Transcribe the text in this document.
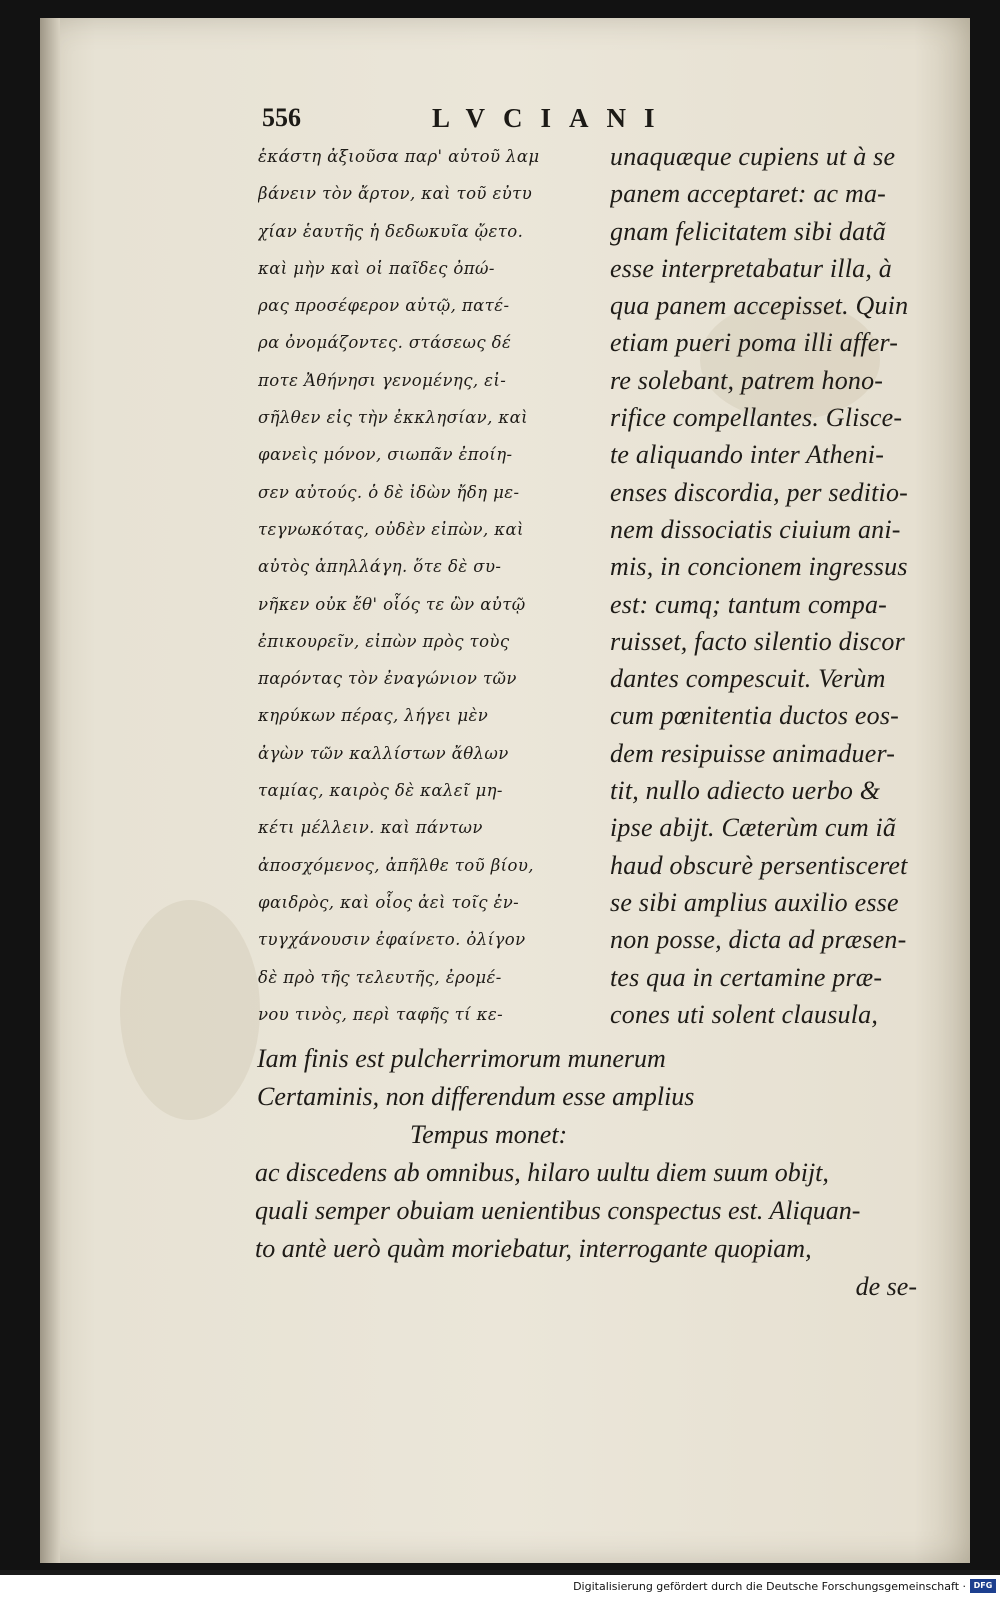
556	LVCIANI
ἑκάστη ἀξιοῦσα παρ' αὐτοῦ λαμ
βάνειν τὸν ἄρτον, καὶ τοῦ εὐτυ
χίαν ἑαυτῆς ἡ δεδωκυῖα ᾤετο.
καὶ μὴν καὶ οἱ παῖδες ὀπώ-
ρας προσέφερον αὐτῷ, πατέ-
ρα ὀνομάζοντες. στάσεως δέ
ποτε Ἀθήνησι γενομένης, εἰ-
σῆλθεν εἰς τὴν ἐκκλησίαν, καὶ
φανεὶς μόνον, σιωπᾶν ἐποίη-
σεν αὐτούς. ὁ δὲ ἰδὼν ἤδη με-
τεγνωκότας, οὐδὲν εἰπὼν, καὶ
αὐτὸς ἀπηλλάγη. ὅτε δὲ συ-
νῆκεν οὐκ ἔθ' οἷός τε ὢν αὐτῷ
ἐπικουρεῖν, εἰπὼν πρὸς τοὺς
παρόντας τὸν ἐναγώνιον τῶν
κηρύκων πέρας, λήγει μὲν
ἀγὼν τῶν καλλίστων ἄθλων
ταμίας, καιρὸς δὲ καλεῖ μη-
κέτι μέλλειν. καὶ πάντων
ἀποσχόμενος, ἀπῆλθε τοῦ βίου,
φαιδρὸς, καὶ οἷος ἀεὶ τοῖς ἐν-
τυγχάνουσιν ἐφαίνετο. ὀλίγον
δὲ πρὸ τῆς τελευτῆς, ἐρομέ-
νου τινὸς, περὶ ταφῆς τί κε-
unaquæque cupiens ut à se
panem acceptaret: ac ma-
gnam felicitatem sibi datã
esse interpretabatur illa, à
qua panem accepisset. Quin
etiam pueri poma illi affer-
re solebant, patrem hono-
rifice compellantes. Glisce-
te aliquando inter Atheni-
enses discordia, per seditio-
nem dissociatis ciuium ani-
mis, in concionem ingressus
est: cumq; tantum compa-
ruisset, facto silentio discor
dantes compescuit. Verùm
cum pœnitentia ductos eos-
dem resipuisse animaduer-
tit, nullo adiecto uerbo &
ipse abijt. Cæterùm cum iã
haud obscurè persentisceret
se sibi amplius auxilio esse
non posse, dicta ad præsen-
tes qua in certamine præ-
cones uti solent clausula,
Iam finis est pulcherrimorum munerum
Certaminis, non differendum esse amplius
Tempus monet:
ac discedens ab omnibus, hilaro uultu diem suum obijt,
quali semper obuiam uenientibus conspectus est. Aliquan-
to antè uerò quàm moriebatur, interrogante quopiam,
de se-
Digitalisierung gefördert durch die Deutsche Forschungsgemeinschaft · DFG
